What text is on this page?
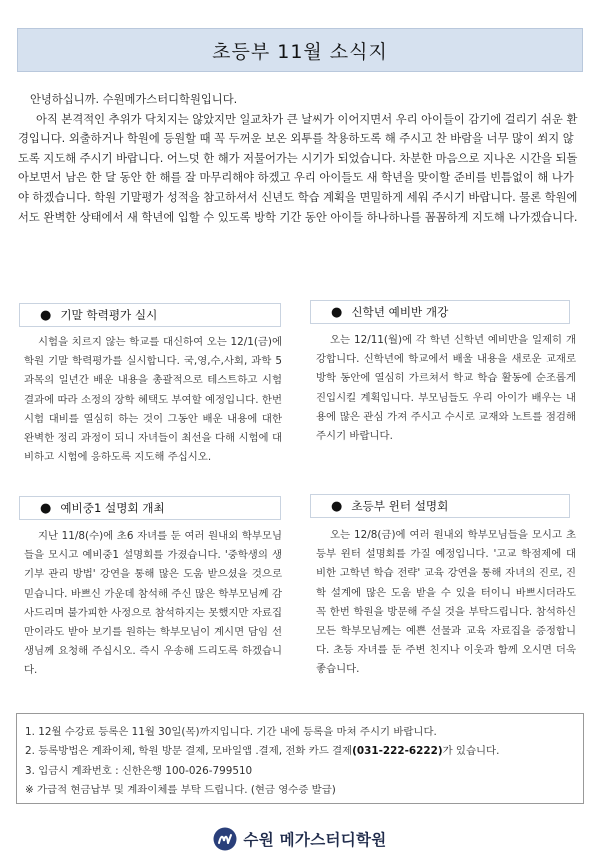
초등부 11월 소식지

안녕하십니까. 수원메가스터디학원입니다.

아직 본격적인 추위가 닥치지는 않았지만 일교차가 큰 날씨가 이어지면서 우리 아이들이 감기에 걸리기 쉬운 환경입니다. 외출하거나 학원에 등원할 때 꼭 두꺼운 보온 외투를 착용하도록 해 주시고 찬 바람을 너무 많이 쐬지 않도록 지도해 주시기 바랍니다. 어느덧 한 해가 저물어가는 시기가 되었습니다. 차분한 마음으로 지나온 시간을 되돌아보면서 남은 한 달 동안 한 해를 잘 마무리해야 하겠고 우리 아이들도 새 학년을 맞이할 준비를 빈틈없이 해 나가야 하겠습니다. 학원 기말평가 성적을 참고하셔서 신년도 학습 계획을 면밀하게 세워 주시기 바랍니다. 물론 학원에서도 완벽한 상태에서 새 학년에 입할 수 있도록 방학 기간 동안 아이들 하나하나를 꼼꼼하게 지도해 나가겠습니다.

● 기말 학력평가 실시
시험을 치르지 않는 학교를 대신하여 오는 12/1(금)에 학원 기말 학력평가를 실시합니다. 국,영,수,사회, 과학 5과목의 일년간 배운 내용을 총괄적으로 테스트하고 시험 결과에 따라 소정의 장학 혜택도 부여할 예정입니다. 한번 시험 대비를 열심히 하는 것이 그동안 배운 내용에 대한 완벽한 정리 과정이 되니 자녀들이 최선을 다해 시험에 대비하고 시험에 응하도록 지도해 주십시오.
● 신학년 예비반 개강
오는 12/11(월)에 각 학년 신학년 예비반을 일제히 개강합니다. 신학년에 학교에서 배울 내용을 새로운 교재로 방학 동안에 열심히 가르쳐서 학교 학습 활동에 순조롭게 진입시킬 계획입니다. 부모님들도 우리 아이가 배우는 내용에 많은 관심 가져 주시고 수시로 교재와 노트를 점검해 주시기 바랍니다.
● 예비중1 설명회 개최
지난 11/8(수)에 초6 자녀를 둔 여러 원내외 학부모님들을 모시고 예비중1 설명회를 가졌습니다. '중학생의 생기부 관리 방법' 강연을 통해 많은 도움 받으셨을 것으로 믿습니다. 바쁘신 가운데 참석해 주신 많은 학부모님께 감사드리며 불가피한 사정으로 참석하지는 못했지만 자료집만이라도 받아 보기를 원하는 학부모님이 계시면 담임 선생님께 요청해 주십시오. 즉시 우송해 드리도록 하겠습니다.
● 초등부 윈터 설명회
오는 12/8(금)에 여러 원내외 학부모님들을 모시고 초등부 윈터 설명회를 가질 예정입니다. '고교 학점제에 대비한 고학년 학습 전략' 교육 강연을 통해 자녀의 진로, 진학 설계에 많은 도움 받을 수 있을 터이니 바쁘시더라도 꼭 한번 학원을 방문해 주실 것을 부탁드립니다. 참석하신 모든 학부모님께는 예쁜 선물과 교육 자료집을 증정합니다. 초등 자녀를 둔 주변 친지나 이웃과 함께 오시면 더욱 좋습니다.
1. 12월 수강료 등록은 11월 30일(목)까지입니다. 기간 내에 등록을 마쳐 주시기 바랍니다.
2. 등록방법은 계좌이체, 학원 방문 결제, 모바일앱 .결제, 전화 카드 결제(031-222-6222)가 있습니다.
3. 입금시 계좌번호 : 신한은행 100-026-799510
※ 가급적 현금납부 및 계좌이체를 부탁 드립니다. (현금 영수증 발급)
수원 메가스터디학원
